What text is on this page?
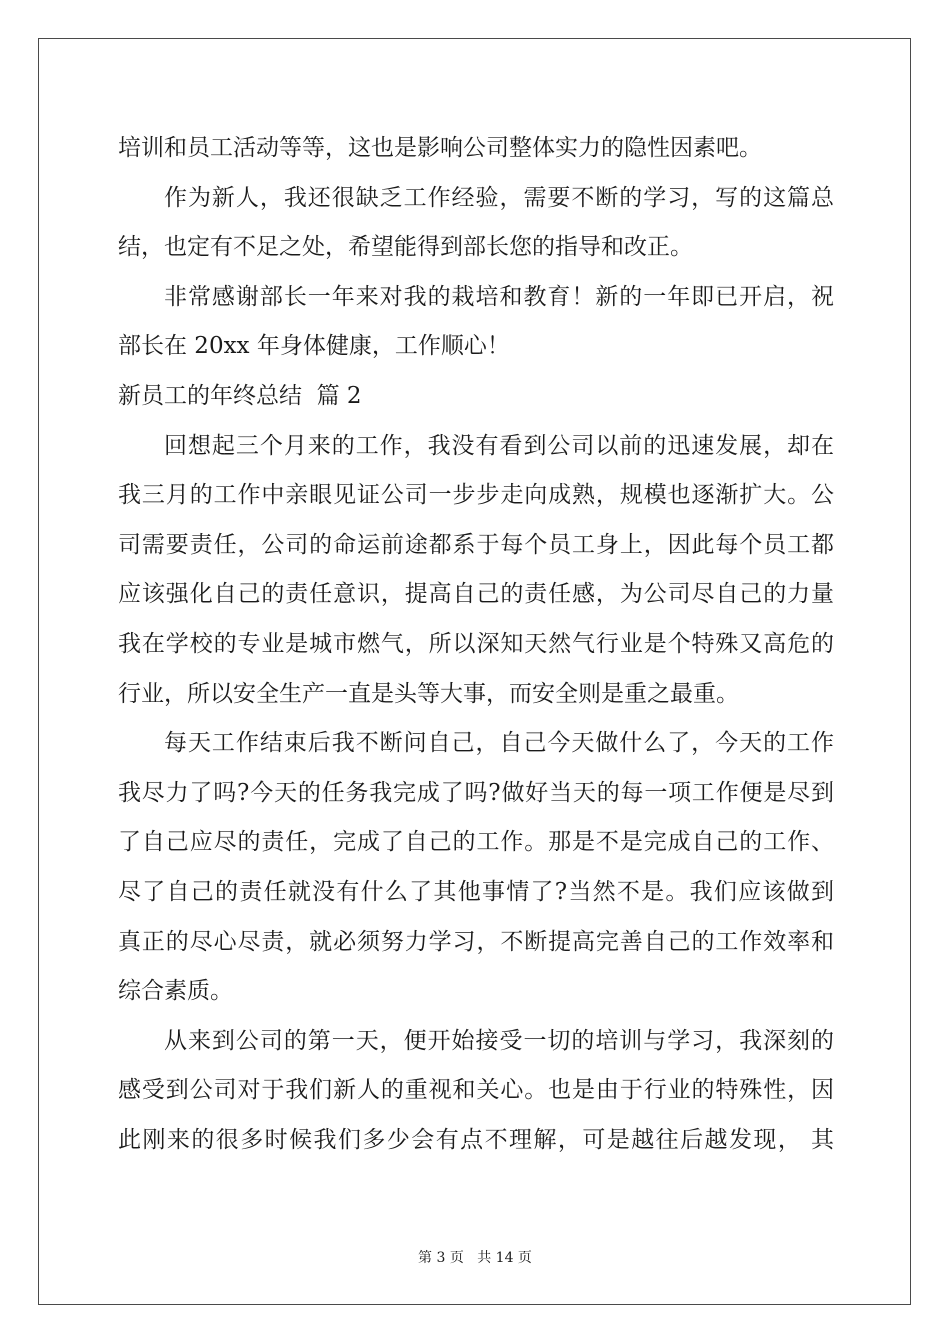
培训和员工活动等等，这也是影响公司整体实力的隐性因素吧。
作为新人，我还很缺乏工作经验，需要不断的学习，写的这篇总
结，也定有不足之处，希望能得到部长您的指导和改正。
非常感谢部长一年来对我的栽培和教育！新的一年即已开启，祝
部长在 20xx 年身体健康，工作顺心！
新员工的年终总结  篇 2
回想起三个月来的工作，我没有看到公司以前的迅速发展，却在
我三月的工作中亲眼见证公司一步步走向成熟，规模也逐渐扩大。公
司需要责任，公司的命运前途都系于每个员工身上，因此每个员工都
应该强化自己的责任意识，提高自己的责任感，为公司尽自己的力量
我在学校的专业是城市燃气，所以深知天然气行业是个特殊又高危的
行业，所以安全生产一直是头等大事，而安全则是重之最重。
每天工作结束后我不断问自己，自己今天做什么了，今天的工作
我尽力了吗?今天的任务我完成了吗?做好当天的每一项工作便是尽到
了自己应尽的责任，完成了自己的工作。那是不是完成自己的工作、
尽了自己的责任就没有什么了其他事情了?当然不是。我们应该做到
真正的尽心尽责，就必须努力学习，不断提高完善自己的工作效率和
综合素质。
从来到公司的第一天，便开始接受一切的培训与学习，我深刻的
感受到公司对于我们新人的重视和关心。也是由于行业的特殊性，因
此刚来的很多时候我们多少会有点不理解，可是越往后越发现， 其
第 3 页 共 14 页
